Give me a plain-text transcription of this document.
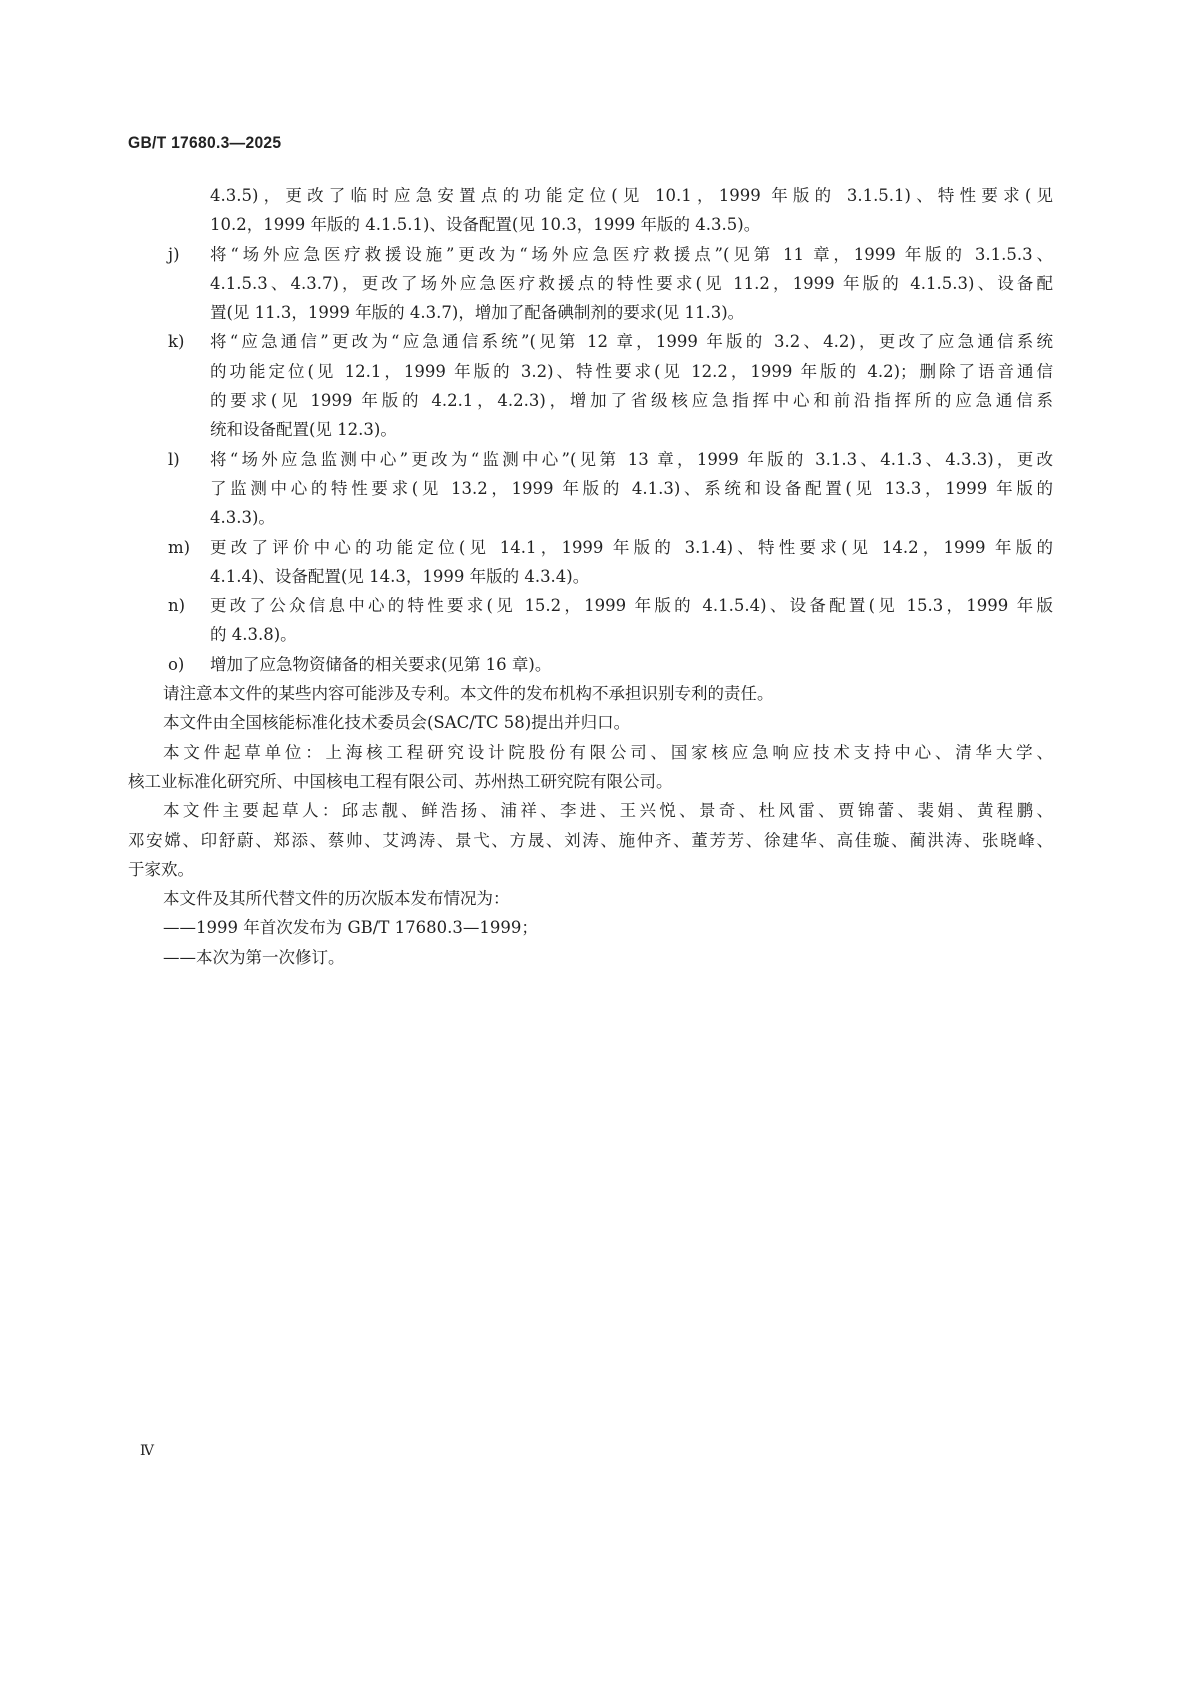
GB/T 17680.3—2025
4.3.5)，更改了临时应急安置点的功能定位(见 10.1，1999 年版的 3.1.5.1)、特性要求(见
10.2，1999 年版的 4.1.5.1)、设备配置(见 10.3，1999 年版的 4.3.5)。
j) 将“场外应急医疗救援设施”更改为“场外应急医疗救援点”(见第 11 章，1999 年版的 3.1.5.3、
4.1.5.3、4.3.7)，更改了场外应急医疗救援点的特性要求(见 11.2，1999 年版的 4.1.5.3)、设备配
置(见 11.3，1999 年版的 4.3.7)，增加了配备碘制剂的要求(见 11.3)。
k) 将“应急通信”更改为“应急通信系统”(见第 12 章，1999 年版的 3.2、4.2)，更改了应急通信系统
的功能定位(见 12.1，1999 年版的 3.2)、特性要求(见 12.2，1999 年版的 4.2)；删除了语音通信
的要求(见 1999 年版的 4.2.1，4.2.3)，增加了省级核应急指挥中心和前沿指挥所的应急通信系
统和设备配置(见 12.3)。
l) 将“场外应急监测中心”更改为“监测中心”(见第 13 章，1999 年版的 3.1.3、4.1.3、4.3.3)，更改
了监测中心的特性要求(见 13.2，1999 年版的 4.1.3)、系统和设备配置(见 13.3，1999 年版的
4.3.3)。
m) 更改了评价中心的功能定位(见 14.1，1999 年版的 3.1.4)、特性要求(见 14.2，1999 年版的
4.1.4)、设备配置(见 14.3，1999 年版的 4.3.4)。
n) 更改了公众信息中心的特性要求(见 15.2，1999 年版的 4.1.5.4)、设备配置(见 15.3，1999 年版
的 4.3.8)。
o) 增加了应急物资储备的相关要求(见第 16 章)。
请注意本文件的某些内容可能涉及专利。本文件的发布机构不承担识别专利的责任。
本文件由全国核能标准化技术委员会(SAC/TC 58)提出并归口。
本文件起草单位：上海核工程研究设计院股份有限公司、国家核应急响应技术支持中心、清华大学、
核工业标准化研究所、中国核电工程有限公司、苏州热工研究院有限公司。
本文件主要起草人：邱志靓、鲜浩扬、浦祥、李进、王兴悦、景奇、杜风雷、贾锦蕾、裴娟、黄程鹏、
邓安嫦、印舒蔚、郑添、蔡帅、艾鸿涛、景弋、方晟、刘涛、施仲齐、董芳芳、徐建华、高佳璇、蔺洪涛、张晓峰、
于家欢。
本文件及其所代替文件的历次版本发布情况为：
——1999 年首次发布为 GB/T 17680.3—1999；
——本次为第一次修订。
Ⅳ
